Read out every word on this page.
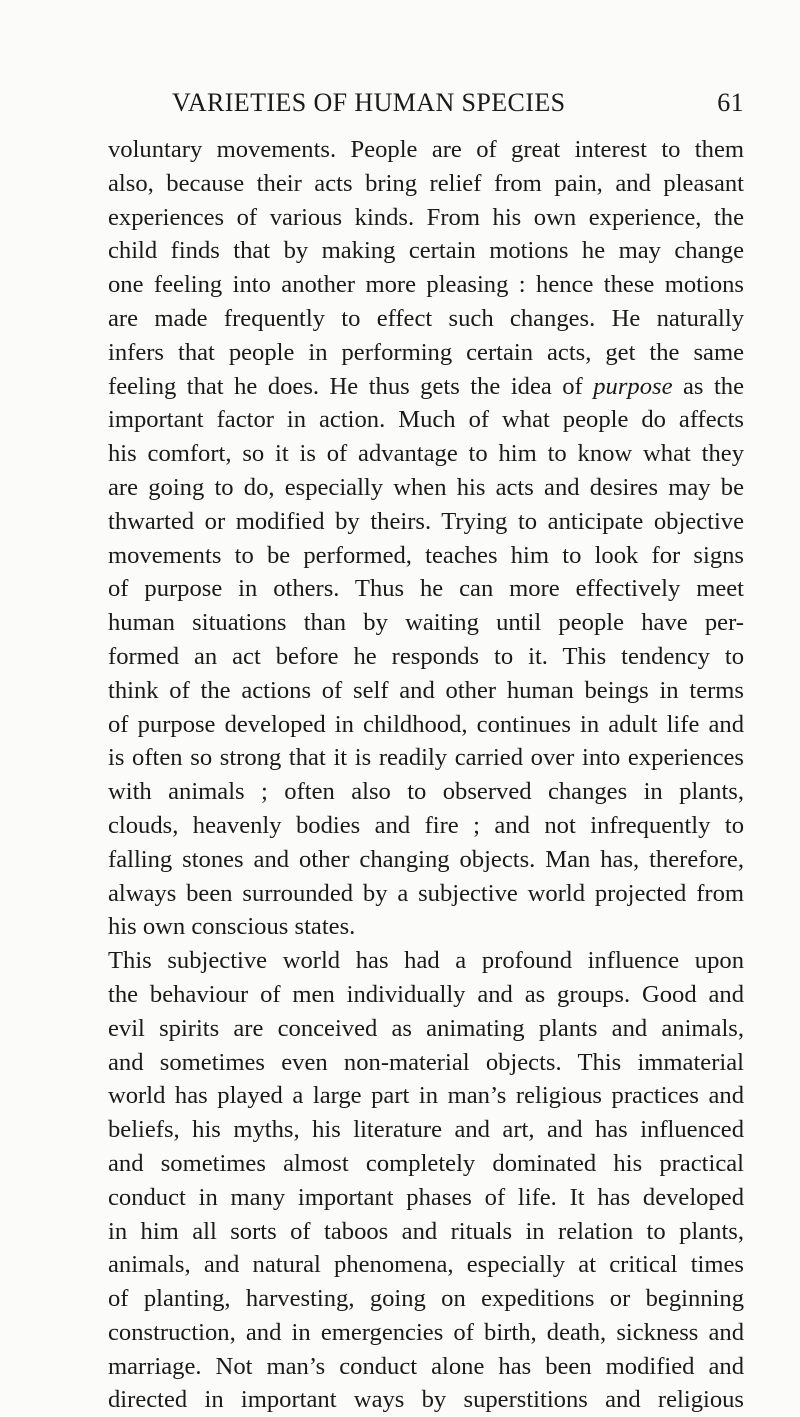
VARIETIES OF HUMAN SPECIES	61
voluntary movements. People are of great interest to them
also, because their acts bring relief from pain, and pleasant
experiences of various kinds. From his own experience, the
child finds that by making certain motions he may change
one feeling into another more pleasing : hence these motions
are made frequently to effect such changes. He naturally
infers that people in performing certain acts, get the same
feeling that he does. He thus gets the idea of purpose as the
important factor in action. Much of what people do affects
his comfort, so it is of advantage to him to know what they
are going to do, especially when his acts and desires may be
thwarted or modified by theirs. Trying to anticipate objective
movements to be performed, teaches him to look for signs
of purpose in others. Thus he can more effectively meet
human situations than by waiting until people have per-
formed an act before he responds to it. This tendency to
think of the actions of self and other human beings in terms
of purpose developed in childhood, continues in adult life and
is often so strong that it is readily carried over into experiences
with animals ; often also to observed changes in plants,
clouds, heavenly bodies and fire ; and not infrequently to
falling stones and other changing objects. Man has, therefore,
always been surrounded by a subjective world projected from
his own conscious states.
This subjective world has had a profound influence upon
the behaviour of men individually and as groups. Good and
evil spirits are conceived as animating plants and animals,
and sometimes even non-material objects. This immaterial
world has played a large part in man’s religious practices and
beliefs, his myths, his literature and art, and has influenced
and sometimes almost completely dominated his practical
conduct in many important phases of life. It has developed
in him all sorts of taboos and rituals in relation to plants,
animals, and natural phenomena, especially at critical times
of planting, harvesting, going on expeditions or beginning
construction, and in emergencies of birth, death, sickness and
marriage. Not man’s conduct alone has been modified and
directed in important ways by superstitions and religious
